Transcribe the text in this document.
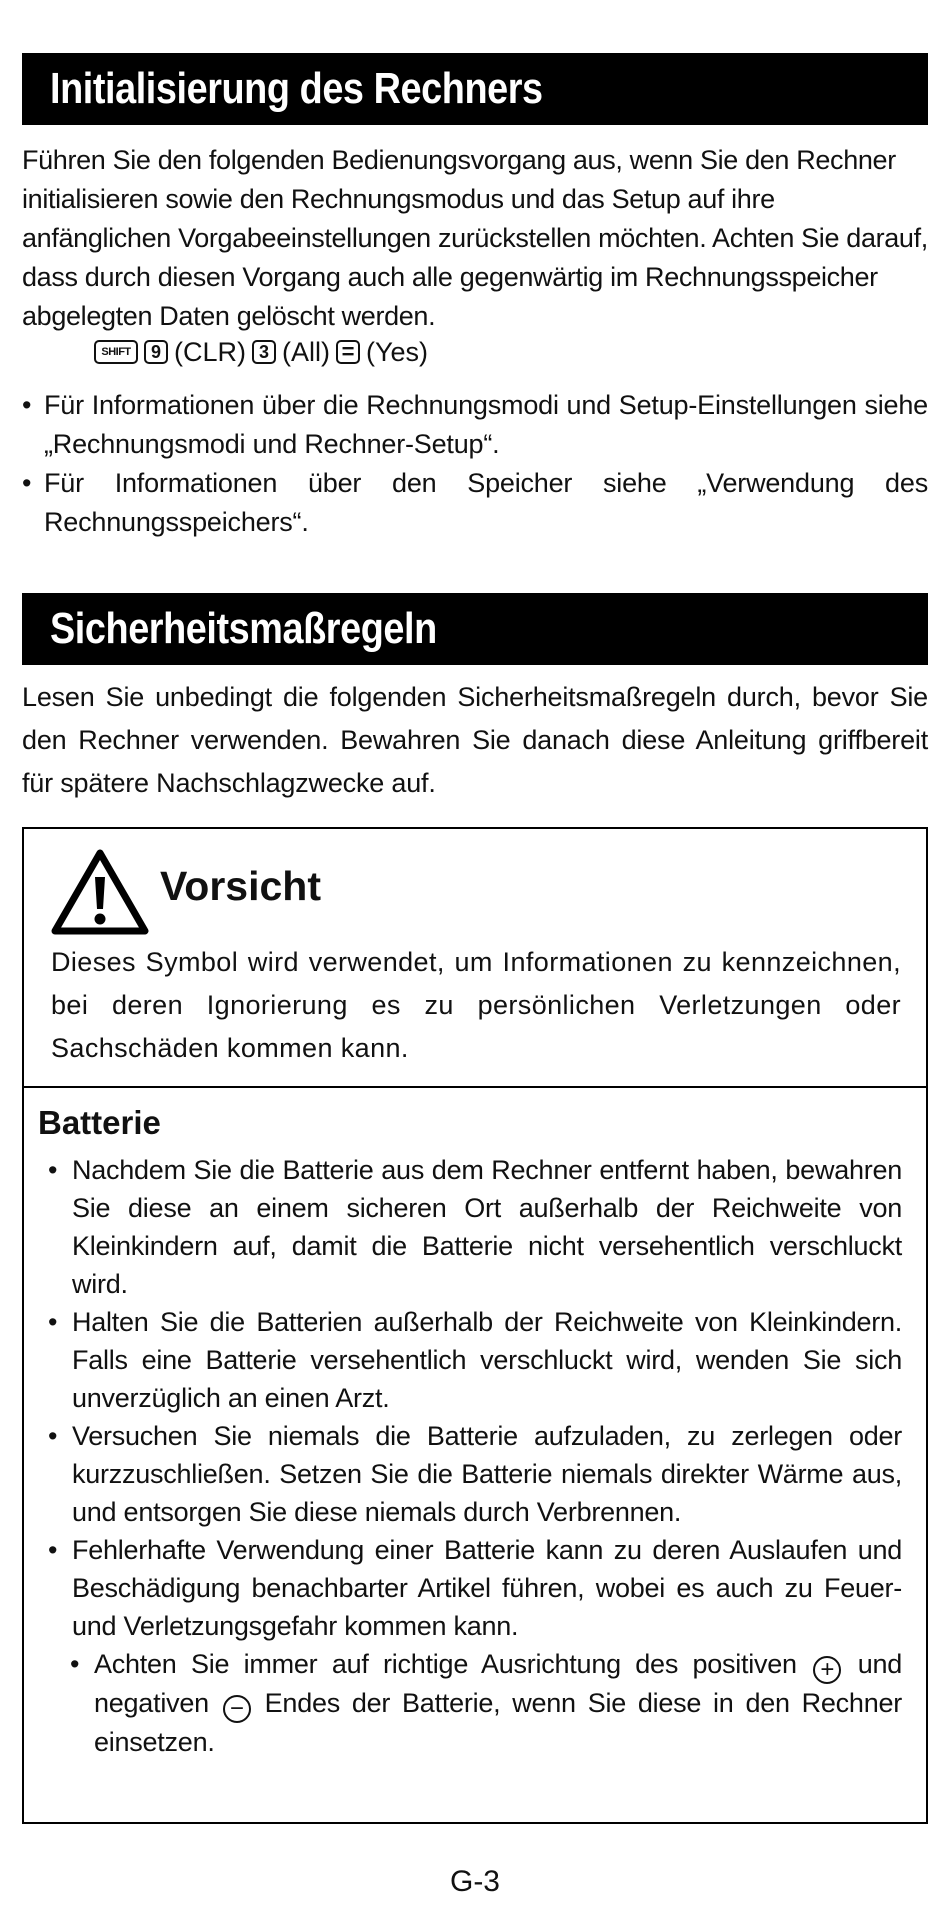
Initialisierung des Rechners
Führen Sie den folgenden Bedienungsvorgang aus, wenn Sie den Rechner initialisieren sowie den Rechnungsmodus und das Setup auf ihre anfänglichen Vorgabeeinstellungen zurückstellen möchten. Achten Sie darauf, dass durch diesen Vorgang auch alle gegenwärtig im Rechnungsspeicher abgelegten Daten gelöscht werden.
SHIFT	9 (CLR) 3 (All) = (Yes)
• Für Informationen über die Rechnungsmodi und Setup-Einstellungen siehe „Rechnungsmodi und Rechner-Setup“.
• Für Informationen über den Speicher siehe „Verwendung des Rechnungsspeichers“.
Sicherheitsmaßregeln
Lesen Sie unbedingt die folgenden Sicherheitsmaßregeln durch, bevor Sie den Rechner verwenden. Bewahren Sie danach diese Anleitung griffbereit für spätere Nachschlagzwecke auf.
Vorsicht
Dieses Symbol wird verwendet, um Informationen zu kennzeichnen, bei deren Ignorierung es zu persönlichen Verletzungen oder Sachschäden kommen kann.
Batterie
• Nachdem Sie die Batterie aus dem Rechner entfernt haben, bewahren Sie diese an einem sicheren Ort außerhalb der Reichweite von Kleinkindern auf, damit die Batterie nicht versehentlich verschluckt wird.
• Halten Sie die Batterien außerhalb der Reichweite von Kleinkindern. Falls eine Batterie versehentlich verschluckt wird, wenden Sie sich unverzüglich an einen Arzt.
• Versuchen Sie niemals die Batterie aufzuladen, zu zerlegen oder kurzzuschließen. Setzen Sie die Batterie niemals direkter Wärme aus, und entsorgen Sie diese niemals durch Verbrennen.
• Fehlerhafte Verwendung einer Batterie kann zu deren Auslaufen und Beschädigung benachbarter Artikel führen, wobei es auch zu Feuer- und Verletzungsgefahr kommen kann.
• Achten Sie immer auf richtige Ausrichtung des positiven + und negativen − Endes der Batterie, wenn Sie diese in den Rechner einsetzen.
G-3
